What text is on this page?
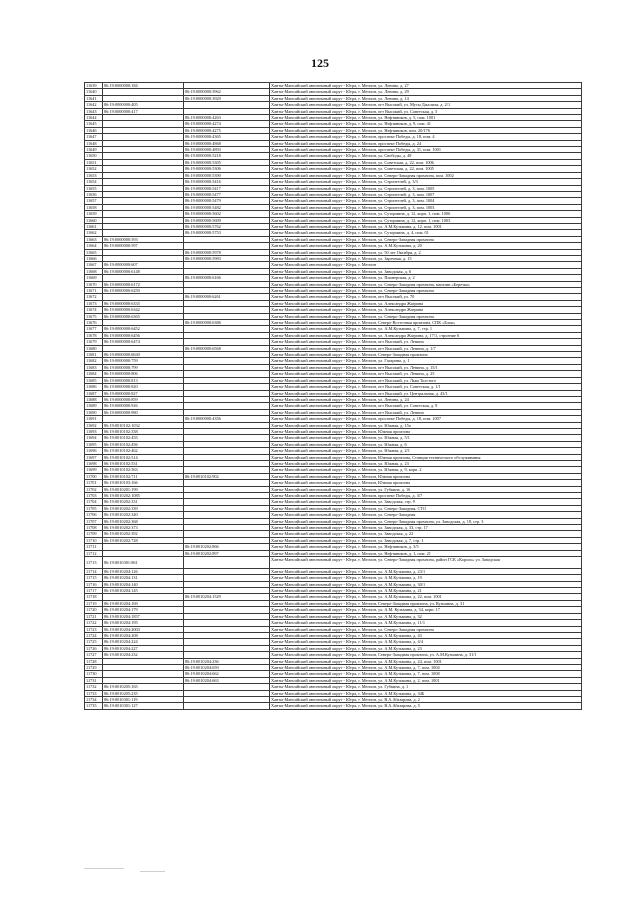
125
11639	86:19:0000000:184		Ханты-Мансийский автономный округ - Югра, г. Мегион, ул. Ленина, д. 27
11640		86:19:0000000:3962	Ханты-Мансийский автономный округ - Югра, г. Мегион, ул. Ленина, д. 29
11641		86:19:0000000:3929	Ханты-Мансийский автономный округ - Югра, г. Мегион, ул. Ленина, д. 14
11642	86:19:0000000:405		Ханты-Мансийский автономный округ - Югра, г. Мегион, пгт Высокий, ул. Мусы Джалиля, д. 2/1
11643	86:19:0000000:417		Ханты-Мансийский автономный округ - Югра, г. Мегион, пгт Высокий, ул. Советская, д. 5
11644		86:19:0000000:4263	Ханты-Мансийский автономный округ - Югра, г. Мегион, ул. Нефтяников, д. 5, пом. 1001
11645		86:19:0000000:4274	Ханты-Мансийский автономный округ - Югра, г. Мегион, ул. Нефтяников, д. 9, пом. 41
11646		86:19:0000000:4275	Ханты-Мансийский автономный округ - Югра, г. Мегион, ул. Нефтяников, пом. 20/176
11647		86:19:0000000:4365	Ханты-Мансийский автономный округ - Югра, г. Мегион, проспект Победы, д. 18, пом. 4
11648		86:19:0000000:4868	Ханты-Мансийский автономный округ - Югра, г. Мегион, проспект Победы, д. 24
11649		86:19:0000000:4893	Ханты-Мансийский автономный округ - Югра, г. Мегион, проспект Победы, д. 31, пом. 1001
11650		86:19:0000000:5218	Ханты-Мансийский автономный округ - Югра, г. Мегион, ул. Свободы, д. 48
11651		86:19:0000000:5305	Ханты-Мансийский автономный округ - Югра, г. Мегион, ул. Советская, д. 22, пом. 1006
11652		86:19:0000000:5306	Ханты-Мансийский автономный округ - Югра, г. Мегион, ул. Советская, д. 22, пом. 1005
11653		86:19:0000000:5390	Ханты-Мансийский автономный округ - Югра, г. Мегион, ул. Северо-Западная промзона, пом. 1002
11654		86:19:0000000:5416	Ханты-Мансийский автономный округ - Югра, г. Мегион, ул. Строителей, д. 3/3
11655		86:19:0000000:5417	Ханты-Мансийский автономный округ - Югра, г. Мегион, ул. Строителей, д. 3, пом. 1005
11656		86:19:0000000:5477	Ханты-Мансийский автономный округ - Югра, г. Мегион, ул. Строителей, д. 3, пом. 1007
11657		86:19:0000000:5479	Ханты-Мансийский автономный округ - Югра, г. Мегион, ул. Строителей, д. 3, пом. 1004
11658		86:19:0000000:5482	Ханты-Мансийский автономный округ - Югра, г. Мегион, ул. Строителей, д. 3, пом. 1003
11659		86:19:0000000:5602	Ханты-Мансийский автономный округ - Югра, г. Мегион, ул. Сутормина, д. 12, корп. 1, пом. 1006
11660		86:19:0000000:5609	Ханты-Мансийский автономный округ - Югра, г. Мегион, ул. Сутормина, д. 12, корп. 1, пом. 1003
11661		86:19:0000000:5762	Ханты-Мансийский автономный округ - Югра, г. Мегион, ул. А.М.Кузьмина, д. 12, пом. 1001
11662		86:19:0000000:5753	Ханты-Мансийский автономный округ - Югра, г. Мегион, ул. Сутормина, д. 4, пом. 01
11663	86:19:0000000:593		Ханты-Мансийский автономный округ - Югра, г. Мегион, ул. Северо-Западная промзона
11664	86:19:0000000:597		Ханты-Мансийский автономный округ - Югра, г. Мегион, ул. А.М.Кузьмина, д. 20
11665		86:19:0000000:5978	Ханты-Мансийский автономный округ - Югра, г. Мегион, ул. 50 лет Октября, д. 2
11666		86:19:0000000:5983	Ханты-Мансийский автономный округ - Югра, г. Мегион, ул. Заречная, д. 15
11667	86:19:0000000:607		Ханты-Мансийский автономный округ - Югра, г. Мегион
11668	86:19:0000000:6148		Ханты-Мансийский автономный округ - Югра, г. Мегион, ул. Заводская, д. 6
11669		86:19:0000000:6166	Ханты-Мансийский автономный округ - Югра, г. Мегион, ул. Пионерская, д. 2
11670	86:19:0000000:6172		Ханты-Мансийский автономный округ - Югра, г. Мегион, ул. Северо-Западная промзона, магазин «Березка»
11671	86:19:0000000:6250		Ханты-Мансийский автономный округ - Югра, г. Мегион, ул. Северо-Западная промзона
11672		86:19:0000000:6261	Ханты-Мансийский автономный округ - Югра, г. Мегион, пгт Высокий, ул. 70
11673	86:19:0000000:6335		Ханты-Мансийский автономный округ - Югра, г. Мегион, ул. Александра Жагрина
11674	86:19:0000000:6342		Ханты-Мансийский автономный округ - Югра, г. Мегион, ул. Александра Жагрина
11675	86:19:0000000:6365		Ханты-Мансийский автономный округ - Югра, г. Мегион, ул. Северо-Западная промзона
11676		86:19:0000000:6386	Ханты-Мансийский автономный округ - Югра, г. Мегион, Северо-Восточная промзона, СПК «Блок»
11677	86:19:0000000:6452		Ханты-Мансийский автономный округ - Югра, г. Мегион, ул. А.М.Кузьмина, д. 7, стр. 1
11678	86:19:0000000:6456		Ханты-Мансийский автономный округ - Югра, г. Мегион, ул. Александра Жагрина, д. 17/1, строение 6
11679	86:19:0000000:6474		Ханты-Мансийский автономный округ - Югра, г. Мегион, пгт Высокий, ул. Ленина
11680		86:19:0000000:6568	Ханты-Мансийский автономный округ - Югра, г. Мегион, пгт Высокий, ул. Ленина, д. 1/7
11681	86:19:0000000:6630		Ханты-Мансийский автономный округ - Югра, г. Мегион, Северо-Западная промзона
11682	86:19:0000000:759		Ханты-Мансийский автономный округ - Югра, г. Мегион, ул. Гагарина, д. 1
11683	86:19:0000000:799		Ханты-Мансийский автономный округ - Югра, г. Мегион, пгт Высокий, ул. Ленина, д. 15/1
11684	86:19:0000000:806		Ханты-Мансийский автономный округ - Югра, г. Мегион, пгт Высокий, ул. Ленина, д. 25
11685	86:19:0000000:813		Ханты-Мансийский автономный округ - Югра, г. Мегион, пгт Высокий, ул. Льва Толстого
11686	86:19:0000000:820		Ханты-Мансийский автономный округ - Югра, г. Мегион, пгт Высокий, ул. Советская, д. 1/1
11687	86:19:0000000:827		Ханты-Мансийский автономный округ - Югра, г. Мегион, пгт Высокий, ул. Центральная, д. 43/1
11688	86:19:0000000:859		Ханты-Мансийский автономный округ - Югра, г. Мегион, ул. Ленина, д. 24
11689	86:19:0000000:926		Ханты-Мансийский автономный округ - Югра, г. Мегион, пгт Высокий, ул. Советская, д. 9
11690	86:19:0000000:980		Ханты-Мансийский автономный округ - Югра, г. Мегион, пгт Высокий, ул. Ленина
11691		86:19:0000000:4356	Ханты-Мансийский автономный округ - Югра, г. Мегион, проспект Победы, д. 18, пом. 1007
11692	86:19:0010102:1032		Ханты-Мансийский автономный округ - Югра, г. Мегион, ул. Южная, д. 15а
11693	86:19:0010102:338		Ханты-Мансийский автономный округ - Югра, г. Мегион, Южная промзона
11694	86:19:0010102:455		Ханты-Мансийский автономный округ - Югра, г. Мегион, ул. Южная, д. 5/1
11695	86:19:0010102:456		Ханты-Мансийский автономный округ - Югра, г. Мегион, ул. Южная, д. 6
11696	86:19:0010102:462		Ханты-Мансийский автономный округ - Югра, г. Мегион, ул. Южная, д. 2/1
11697	86:19:0010102:514		Ханты-Мансийский автономный округ - Югра, г. Мегион, Южная промзона, Станция технического обслуживания
11698	86:19:0010102:531		Ханты-Мансийский автономный округ - Югра, г. Мегион, ул. Южная, д. 23
11699	86:19:0010102:563		Ханты-Мансийский автономный округ - Югра, г. Мегион, ул. Южная, д. 9, корп. 2
11700	86:19:0010102:711	86:19:0010102:902	Ханты-Мансийский автономный округ - Югра, г. Мегион, Южная промзона
11701	86:19:0010103:166		Ханты-Мансийский автономный округ - Югра, г. Мегион, Южная промзона
11702	86:19:0010201:199		Ханты-Мансийский автономный округ - Югра, г. Мегион, ул. Губкина, д. 16
11703	86:19:0010202:1085		Ханты-Мансийский автономный округ - Югра, г. Мегион, проспект Победы, д. 3/7
11704	86:19:0010202:331		Ханты-Мансийский автономный округ - Югра, г. Мегион, ул. Заводская, стр. 9
11705	86:19:0010202:339		Ханты-Мансийский автономный округ - Югра, г. Мегион, ул. Северо-Западная, СТО
11706	86:19:0010202:340		Ханты-Мансийский автономный округ - Югра, г. Мегион, ул. Северо-Западная
11707	86:19:0010202:368		Ханты-Мансийский автономный округ - Югра, г. Мегион, ул. Северо-Западная промзона, ул. Заводская, д. 18, стр. 3
11708	86:19:0010202:373		Ханты-Мансийский автономный округ - Югра, г. Мегион, ул. Заводская, д. 33, стр. 17
11709	86:19:0010202:392		Ханты-Мансийский автономный округ - Югра, г. Мегион, ул. Заводская, д. 22
11710	86:19:0010202:728		Ханты-Мансийский автономный округ - Югра, г. Мегион, ул. Заводская, д. 7, стр. 1
11711		86:19:0010202:866	Ханты-Мансийский автономный округ - Югра, г. Мегион, ул. Нефтяников, д. 3/5
11712		86:19:0010202:897	Ханты-Мансийский автономный округ - Югра, г. Мегион, ул. Нефтяников, д. 1, пом. 21
11713	86:19:0010301:861		Ханты-Мансийский автономный округ - Югра, г. Мегион, ул. Северо-Западная промзона, район ГСК «Король» ул. Заводская
11714	86:19:0010204:126		Ханты-Мансийский автономный округ - Югра, г. Мегион, ул. А.М.Кузьмина, д. 23/1
11715	86:19:0010204:131		Ханты-Мансийский автономный округ - Югра, г. Мегион, ул. А.М.Кузьмина, д. 19
11716	86:19:0010204:140		Ханты-Мансийский автономный округ - Югра, г. Мегион, ул. А.М.Кузьмина, д. 30/1
11717	86:19:0010204:145		Ханты-Мансийский автономный округ - Югра, г. Мегион, ул. А.М.Кузьмина, д. 21
11718		86:19:0010204:1529	Ханты-Мансийский автономный округ - Югра, г. Мегион, ул. А.М.Кузьмина, д. 22, пом. 1001
11719	86:19:0010204:169		Ханты-Мансийский автономный округ - Югра, г. Мегион, Северо-Западная промзона, ул. Кузьмина, д. 31
11720	86:19:0010204:179		Ханты-Мансийский автономный округ - Югра, г. Мегион, ул. А.М. Кузьмина, д. 34, корп. 17
11721	86:19:0010204:1857		Ханты-Мансийский автономный округ - Югра, г. Мегион, ул. А.М.Кузьмина, д. 32
11722	86:19:0010204:195		Ханты-Мансийский автономный округ - Югра, г. Мегион, ул. А.М.Кузьмина, д. 11/1
11723	86:19:0010204:2003		Ханты-Мансийский автономный округ - Югра, г. Мегион, ул. Северо-Западная промзона
11724	86:19:0010204:208		Ханты-Мансийский автономный округ - Югра, г. Мегион, ул. А.М.Кузьмина, д. 43
11725	86:19:0010204:224		Ханты-Мансийский автономный округ - Югра, г. Мегион, ул. А.М.Кузьмина, д. 4/4
11726	86:19:0010204:227		Ханты-Мансийский автономный округ - Югра, г. Мегион, ул. А.М.Кузьмина, д. 23
11727	86:19:0010204:232		Ханты-Мансийский автономный округ - Югра, г. Мегион, Северо-Западная промзона, ул. А.М.Кузьмина, д. 31/1
11728		86:19:0010204:236	Ханты-Мансийский автономный округ - Югра, г. Мегион, ул. А.М.Кузьмина, д. 24, пом. 1001
11729		86:19:0010204:659	Ханты-Мансийский автономный округ - Югра, г. Мегион, ул. А.М.Кузьмина, д. 7, пом. 1004
11730		86:19:0010204:662	Ханты-Мансийский автономный округ - Югра, г. Мегион, ул. А.М.Кузьмина, д. 7, пом. 1008
11731		86:19:0010204:663	Ханты-Мансийский автономный округ - Югра, г. Мегион, ул. А.М.Кузьмина, д. 2, пом. 1001
11732	86:19:0010205:165		Ханты-Мансийский автономный округ - Югра, г. Мегион, ул. Губкина, д. 1
11733	86:19:0010205:235		Ханты-Мансийский автономный округ - Югра, г. Мегион, ул. А.М.Кузьмина, д. 34Б
11734	86:19:0010301:119		Ханты-Мансийский автономный округ - Югра, г. Мегион, ул. В.А.Абазарова, д. 2
11735	86:19:0010301:127		Ханты-Мансийский автономный округ - Югра, г. Мегион, ул. В.А.Абазарова, д. 5
